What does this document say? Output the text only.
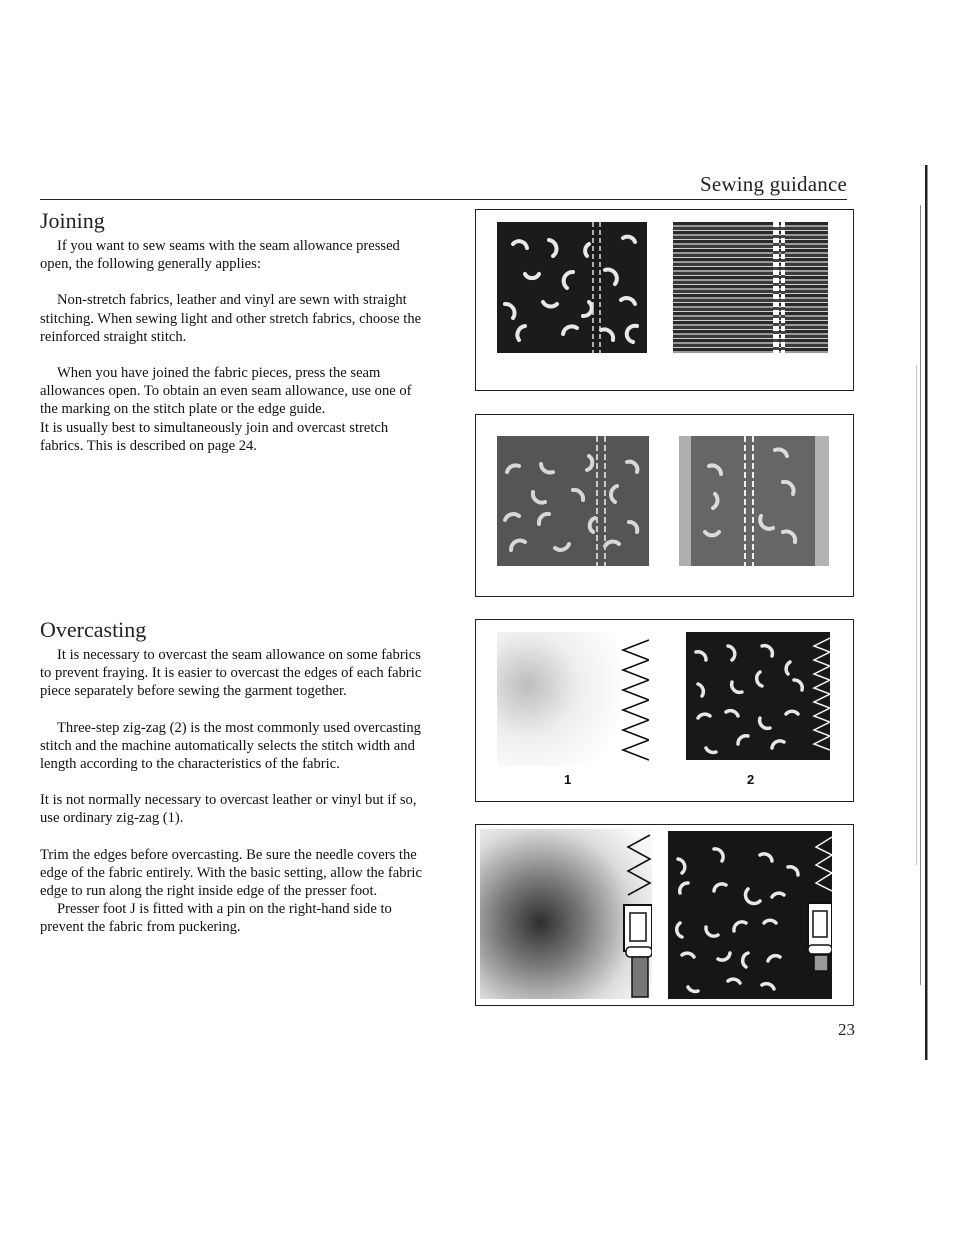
Sewing guidance
Joining

If you want to sew seams with the seam allowance pressed open, the following generally applies:

Non-stretch fabrics, leather and vinyl are sewn with straight stitching. When sewing light and other stretch fabrics, choose the reinforced straight stitch.

When you have joined the fabric pieces, press the seam allowances open. To obtain an even seam allowance, use one of the marking on the stitch plate or the edge guide.

It is usually best to simultaneously join and overcast stretch fabrics. This is described on page 24.

Overcasting

It is necessary to overcast the seam allowance on some fabrics to prevent fraying. It is easier to overcast the edges of each fabric piece separately before sewing the garment together.

Three-step zig-zag (2) is the most commonly used overcasting stitch and the machine automatically selects the stitch width and length according to the characteristics of the fabric.

It is not normally necessary to overcast leather or vinyl but if so, use ordinary zig-zag (1).

Trim the edges before overcasting. Be sure the needle covers the edge of the fabric entirely. With the basic setting, allow the fabric edge to run along the right inside edge of the presser foot.

Presser foot J is fitted with a pin on the right-hand side to prevent the fabric from puckering.

1	2
23
